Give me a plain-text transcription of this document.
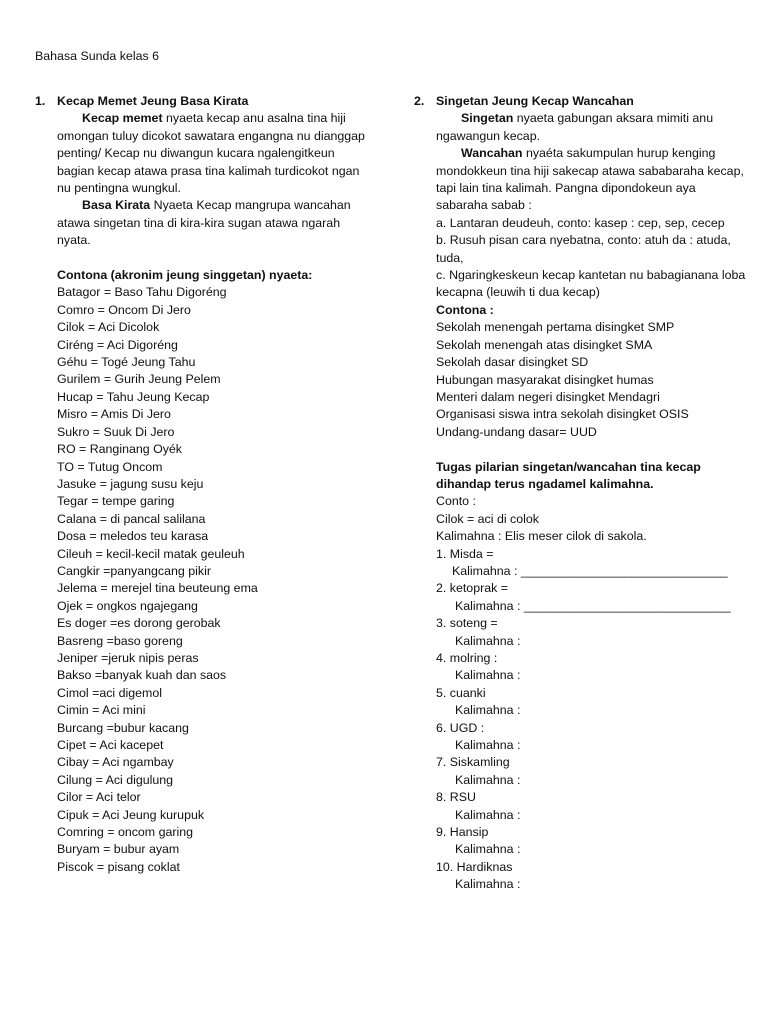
Bahasa Sunda kelas 6
1. Kecap Memet Jeung Basa Kirata

Kecap memet nyaeta kecap anu asalna tina hiji omongan tuluy dicokot sawatara engangna nu dianggap penting/ Kecap nu diwangun kucara ngalengitkeun bagian kecap atawa prasa tina kalimah turdicokot ngan nu pentingna wungkul.

Basa Kirata Nyaeta Kecap mangrupa wancahan atawa singetan tina di kira-kira sugan atawa ngarah nyata.

Contona (akronim jeung singgetan) nyaeta:
Batagor = Baso Tahu Digoréng
Comro = Oncom Di Jero
Cilok = Aci Dicolok
Ciréng = Aci Digoréng
Géhu = Togé Jeung Tahu
Gurilem = Gurih Jeung Pelem
Hucap = Tahu Jeung Kecap
Misro = Amis Di Jero
Sukro = Suuk Di Jero
RO = Ranginang Oyék
TO = Tutug Oncom
Jasuke = jagung susu keju
Tegar = tempe garing
Calana = di pancal salilana
Dosa = meledos teu karasa
Cileuh = kecil-kecil matak geuleuh
Cangkir =panyangcang pikir
Jelema = merejel tina beuteung ema
Ojek = ongkos ngajegang
Es doger =es dorong gerobak
Basreng =baso goreng
Jeniper =jeruk nipis peras
Bakso =banyak kuah dan saos
Cimol =aci digemol
Cimin = Aci mini
Burcang =bubur kacang
Cipet = Aci kacepet
Cibay = Aci ngambay
Cilung = Aci digulung
Cilor = Aci telor
Cipuk = Aci Jeung kurupuk
Comring = oncom garing
Buryam = bubur ayam
Piscok = pisang coklat
2. Singetan Jeung Kecap Wancahan

Singetan nyaeta gabungan aksara mimiti anu ngawangun kecap.

Wancahan nyaéta sakumpulan hurup kenging mondokkeun tina hiji sakecap atawa sababaraha kecap, tapi lain tina kalimah. Pangna dipondokeun aya sabaraha sabab :

a. Lantaran deudeuh, conto: kasep : cep, sep, cecep
b. Rusuh pisan cara nyebatna, conto: atuh da : atuda, tuda,
c. Ngaringkeskeun kecap kantetan nu babagianana loba kecapna (leuwih ti dua kecap)
Contona :
Sekolah menengah pertama disingket SMP
Sekolah menengah atas disingket SMA
Sekolah dasar disingket SD
Hubungan masyarakat disingket humas
Menteri dalam negeri disingket Mendagri
Organisasi siswa intra sekolah disingket OSIS
Undang-undang dasar= UUD
Tugas pilarian singetan/wancahan tina kecap dihandap terus ngadamel kalimahna.
Conto :
Cilok = aci di colok
Kalimahna : Elis meser cilok di sakola.
1. Misda =
Kalimahna : ______________________________
2. ketoprak =
Kalimahna : ______________________________
3. soteng =
Kalimahna :
4. molring :
Kalimahna :
5. cuanki
Kalimahna :
6. UGD :
Kalimahna :
7. Siskamling
Kalimahna :
8. RSU
Kalimahna :
9. Hansip
Kalimahna :
10. Hardiknas
Kalimahna :
